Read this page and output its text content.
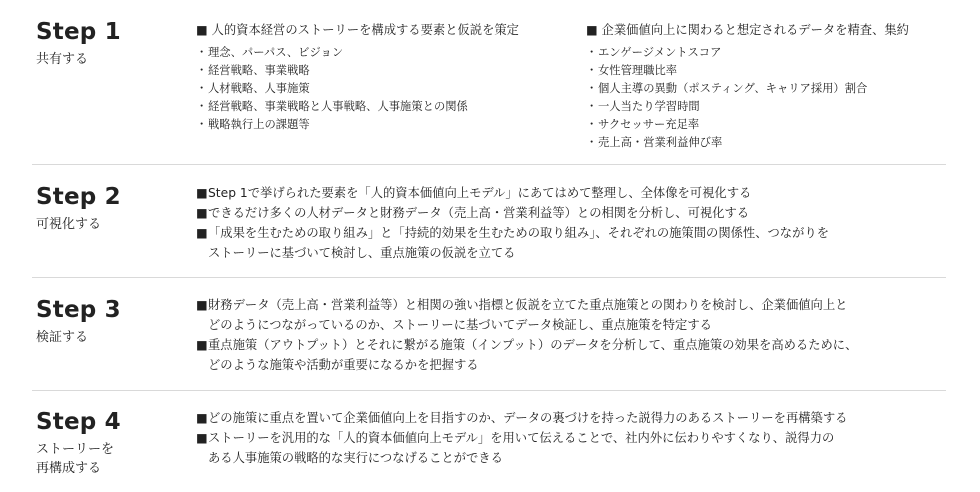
Step 1
共有する
■ 人的資本経営のストーリーを構成する要素と仮説を策定
・ 理念、パーパス、ビジョン
・ 経営戦略、事業戦略
・ 人材戦略、人事施策
・ 経営戦略、事業戦略と人事戦略、人事施策との関係
・ 戦略執行上の課題等
■ 企業価値向上に関わると想定されるデータを精査、集約
・ エンゲージメントスコア
・ 女性管理職比率
・ 個人主導の異動（ポスティング、キャリア採用）割合
・ 一人当たり学習時間
・ サクセッサー充足率
・ 売上高・営業利益伸び率
Step 2
可視化する
■ Step 1で挙げられた要素を「人的資本価値向上モデル」にあてはめて整理し、全体像を可視化する
■ できるだけ多くの人材データと財務データ（売上高・営業利益等）との相関を分析し、可視化する
■ 「成果を生むための取り組み」と「持続的効果を生むための取り組み」、それぞれの施策間の関係性、つながりを
ストーリーに基づいて検討し、重点施策の仮説を立てる
Step 3
検証する
■ 財務データ（売上高・営業利益等）と相関の強い指標と仮説を立てた重点施策との関わりを検討し、企業価値向上と
どのようにつながっているのか、ストーリーに基づいてデータ検証し、重点施策を特定する
■ 重点施策（アウトプット）とそれに繋がる施策（インプット）のデータを分析して、重点施策の効果を高めるために、
どのような施策や活動が重要になるかを把握する
Step 4
ストーリーを
再構成する
■ どの施策に重点を置いて企業価値向上を目指すのか、データの裏づけを持った説得力のあるストーリーを再構築する
■ ストーリーを汎用的な「人的資本価値向上モデル」を用いて伝えることで、社内外に伝わりやすくなり、説得力の
ある人事施策の戦略的な実行につなげることができる
